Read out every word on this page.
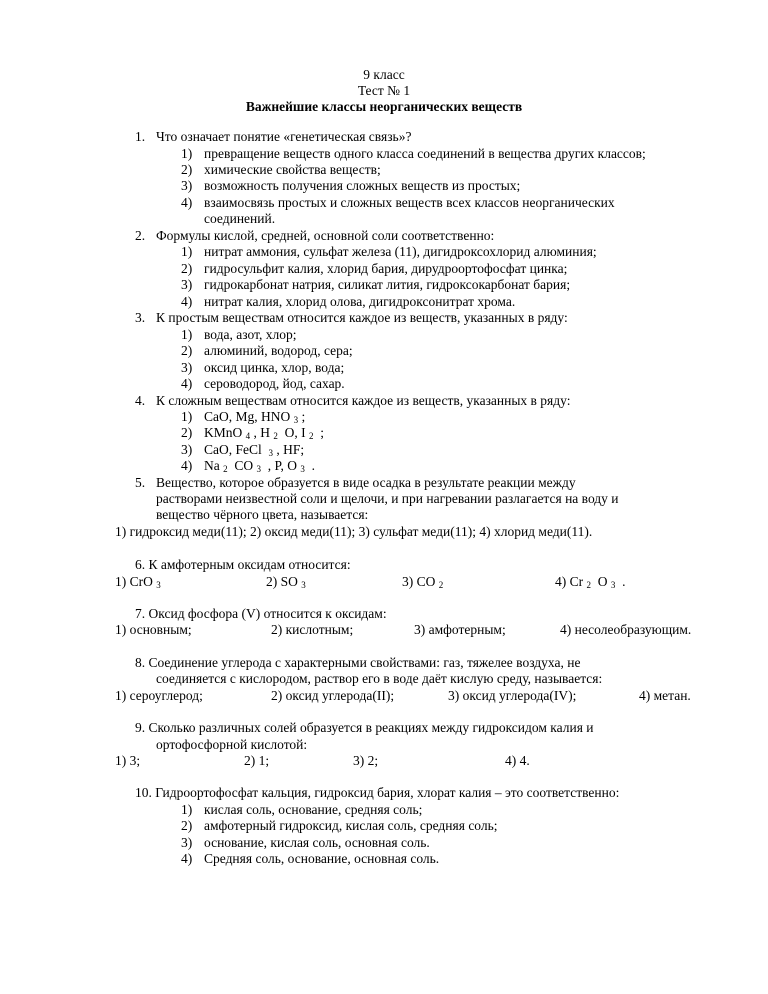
9 класс
Тест № 1
Важнейшие классы неорганических веществ
1. Что означает понятие «генетическая связь»?
1) превращение веществ одного класса соединений в вещества других классов;
2) химические свойства веществ;
3) возможность получения сложных веществ из простых;
4) взаимосвязь простых и сложных веществ всех классов неорганических
соединений.
2. Формулы кислой, средней, основной соли соответственно:
1) нитрат аммония, сульфат железа (11), дигидроксохлорид алюминия;
2) гидросульфит калия, хлорид бария, дирудроортофосфат цинка;
3) гидрокарбонат натрия, силикат лития, гидроксокарбонат бария;
4) нитрат калия, хлорид олова, дигидроксонитрат хрома.
3. К простым веществам относится каждое из веществ, указанных в ряду:
1) вода, азот, хлор;
2) алюминий, водород, сера;
3) оксид цинка, хлор, вода;
4) сероводород, йод, сахар.
4. К сложным веществам относится каждое из веществ, указанных в ряду:
1) CaO, Mg, HNO $_3$ ;
2) KMnO $_4$ , H $_2$ O, I $_2$ ;
3) CaO, FeCl $_3$ , HF;
4) Na $_2$ CO $_3$ , P, O $_3$ .
5. Вещество, которое образуется в виде осадка в результате реакции между
растворами неизвестной соли и щелочи, и при нагревании разлагается на воду и
вещество чёрного цвета, называется:
1) гидроксид меди(11); 2) оксид меди(11); 3) сульфат меди(11); 4) хлорид меди(11).
6. К амфотерным оксидам относится:
1) CrO $_3$	2) SO $_3$	3) CO $_2$	4) Cr $_2$ O $_3$ .
7. Оксид фосфора (V) относится к оксидам:
1) основным;	2) кислотным;	3) амфотерным;	4) несолеобразующим.
8. Соединение углерода с характерными свойствами: газ, тяжелее воздуха, не
соединяется с кислородом, раствор его в воде даёт кислую среду, называется:
1) сероуглерод;	2) оксид углерода(II);	3) оксид углерода(IV);	4) метан.
9. Сколько различных солей образуется в реакциях между гидроксидом калия и
ортофосфорной кислотой:
1) 3;	2) 1;	3) 2;	4) 4.
10. Гидроортофосфат кальция, гидроксид бария, хлорат калия – это соответственно:
1) кислая соль, основание, средняя соль;
2) амфотерный гидроксид, кислая соль, средняя соль;
3) основание, кислая соль, основная соль.
4) Средняя соль, основание, основная соль.
